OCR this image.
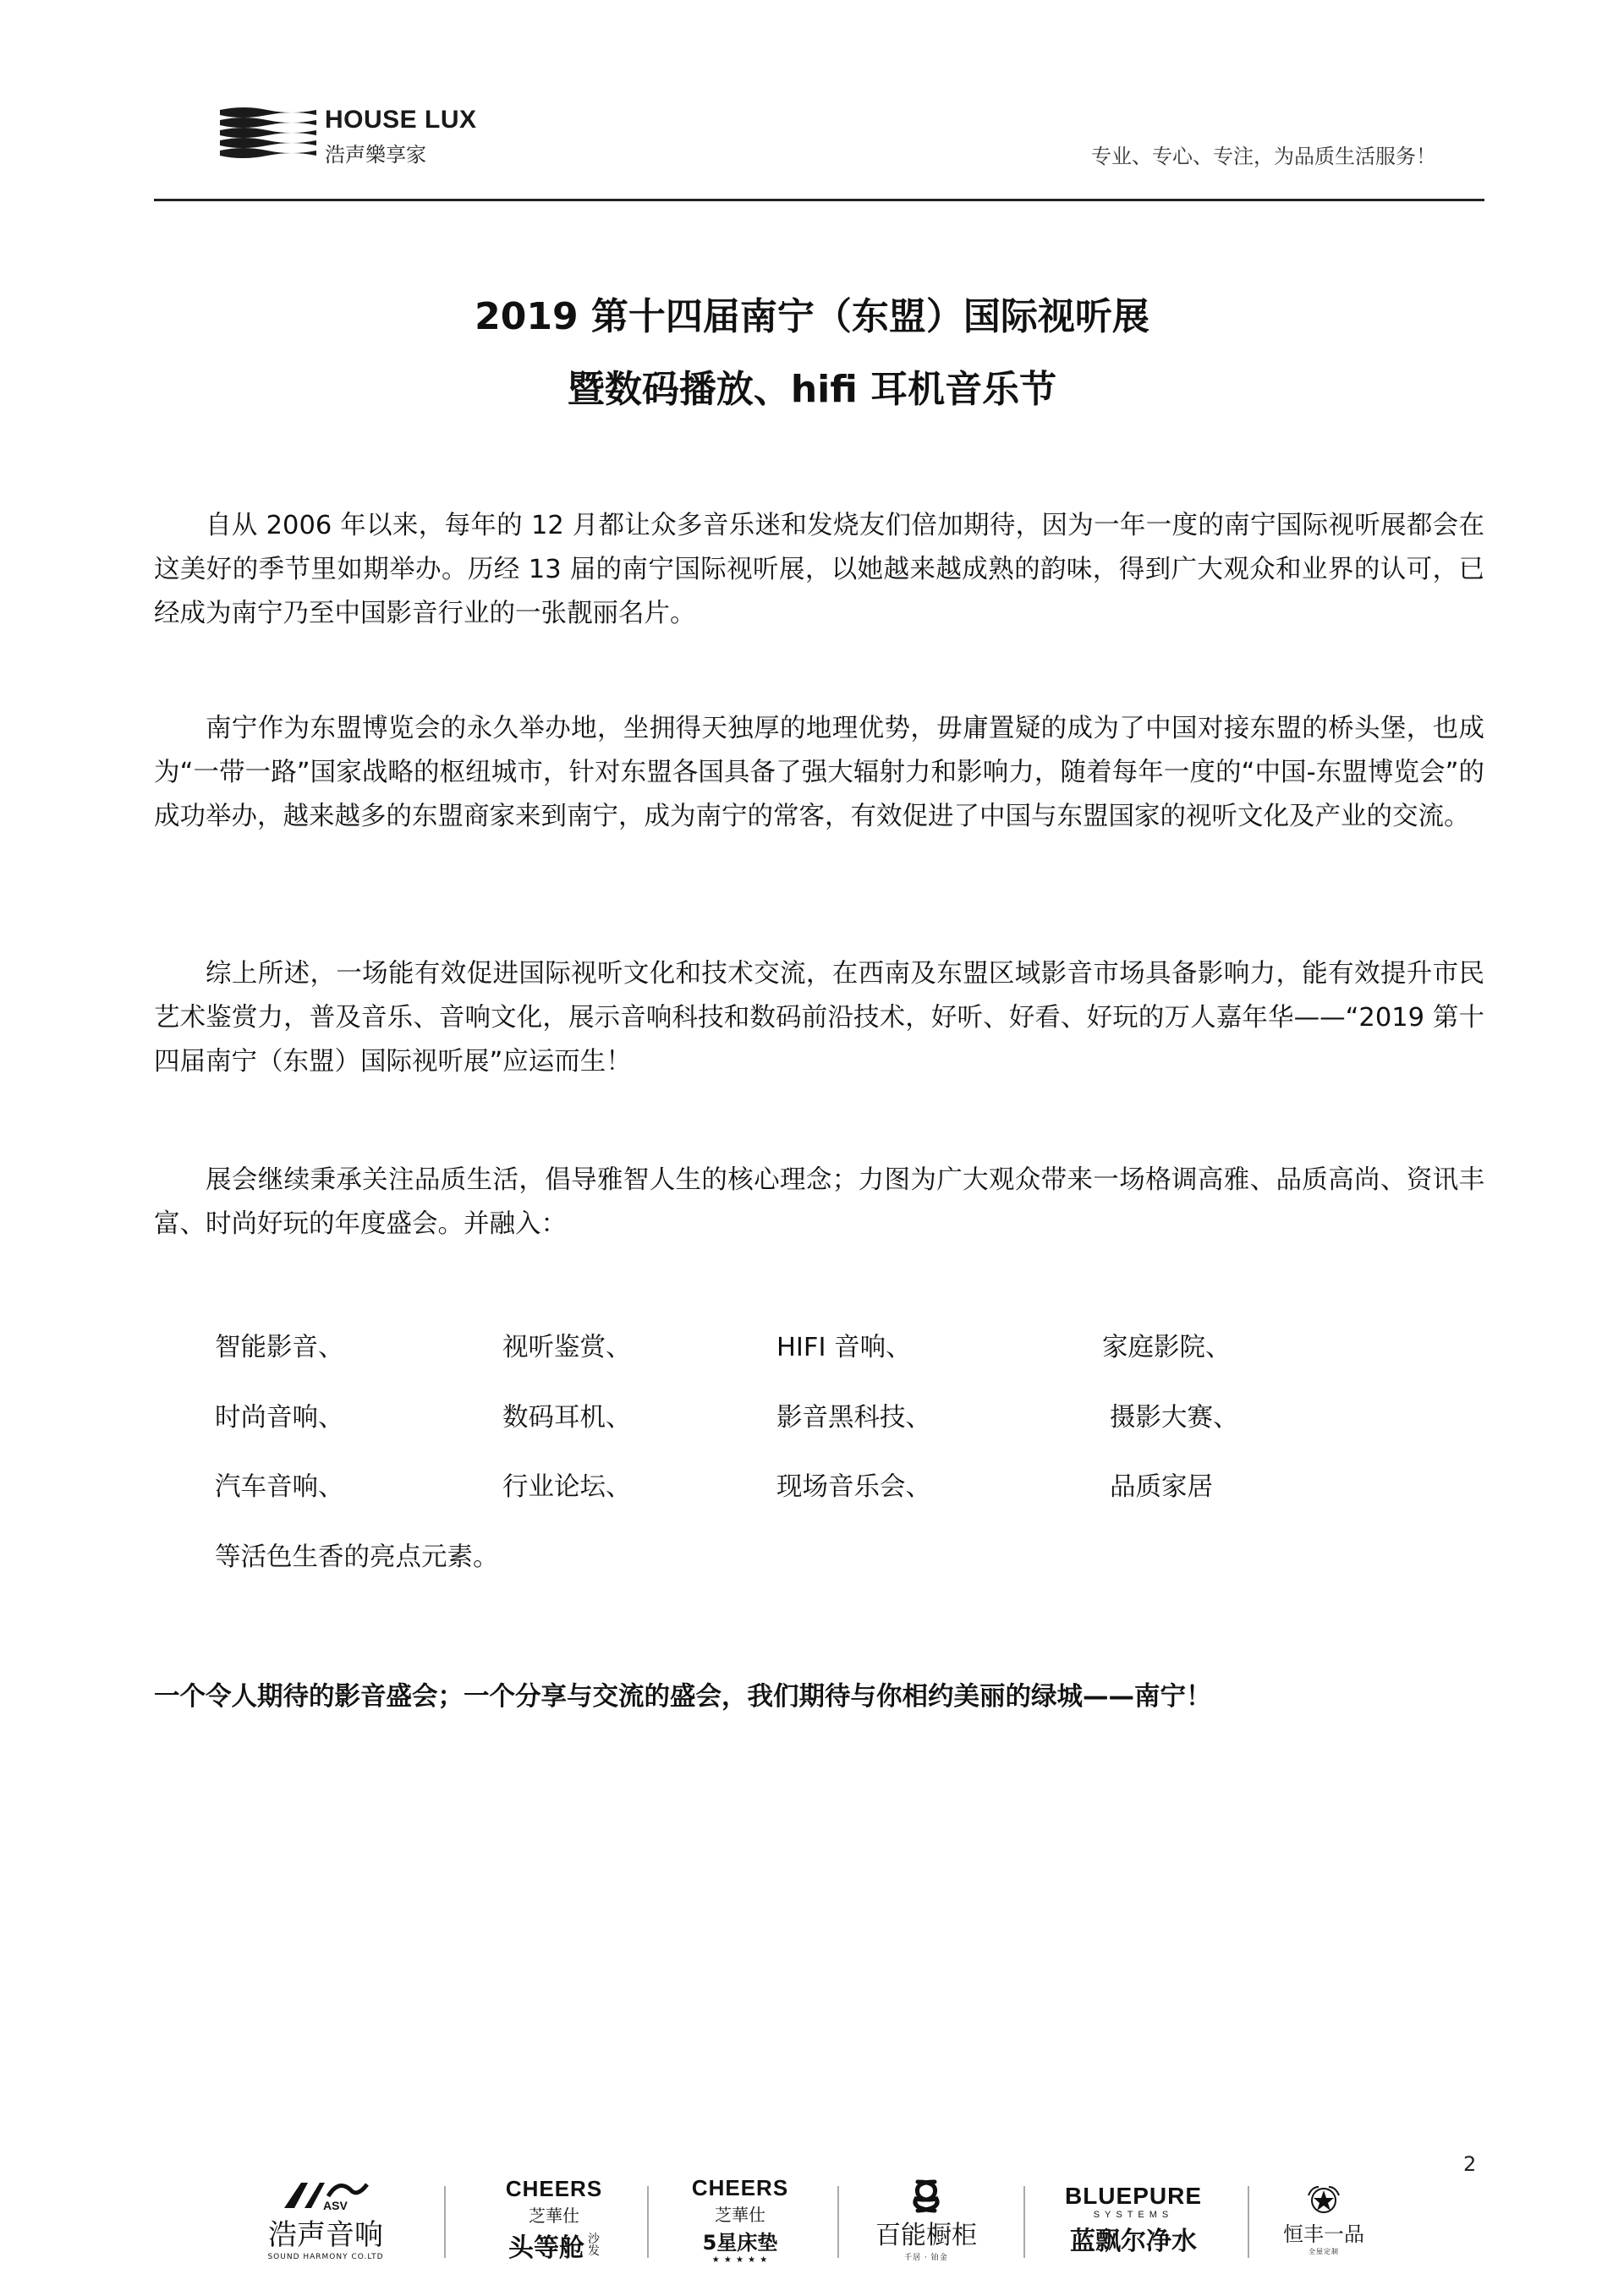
HOUSE LUX
浩声樂享家	专业、专心、专注，为品质生活服务！
2019 第十四届南宁（东盟）国际视听展
暨数码播放、hifi 耳机音乐节
自从 2006 年以来，每年的 12 月都让众多音乐迷和发烧友们倍加期待，因为一年一度的南宁国际视听展都会在这美好的季节里如期举办。历经 13 届的南宁国际视听展，以她越来越成熟的韵味，得到广大观众和业界的认可，已经成为南宁乃至中国影音行业的一张靓丽名片。
南宁作为东盟博览会的永久举办地，坐拥得天独厚的地理优势，毋庸置疑的成为了中国对接东盟的桥头堡，也成为“一带一路”国家战略的枢纽城市，针对东盟各国具备了强大辐射力和影响力，随着每年一度的“中国-东盟博览会”的成功举办，越来越多的东盟商家来到南宁，成为南宁的常客，有效促进了中国与东盟国家的视听文化及产业的交流。
综上所述，一场能有效促进国际视听文化和技术交流，在西南及东盟区域影音市场具备影响力，能有效提升市民艺术鉴赏力，普及音乐、音响文化，展示音响科技和数码前沿技术，好听、好看、好玩的万人嘉年华——“2019 第十四届南宁（东盟）国际视听展”应运而生！
展会继续秉承关注品质生活，倡导雅智人生的核心理念；力图为广大观众带来一场格调高雅、品质高尚、资讯丰富、时尚好玩的年度盛会。并融入：
智能影音、	视听鉴赏、	HIFI 音响、	家庭影院、
时尚音响、	数码耳机、	影音黑科技、	摄影大赛、
汽车音响、	行业论坛、	现场音乐会、	品质家居
等活色生香的亮点元素。
一个令人期待的影音盛会；一个分享与交流的盛会，我们期待与你相约美丽的绿城——南宁！
2
ASV
浩声音响
SOUND HARMONY CO.LTD
CHEERS
芝華仕
头等舱 沙发
CHEERS
芝華仕
5星床垫
★ ★ ★ ★ ★
百能橱柜
千居 · 铂金
BLUEPURE
SYSTEMS
蓝飘尔净水	恒丰一品
全屋定制
